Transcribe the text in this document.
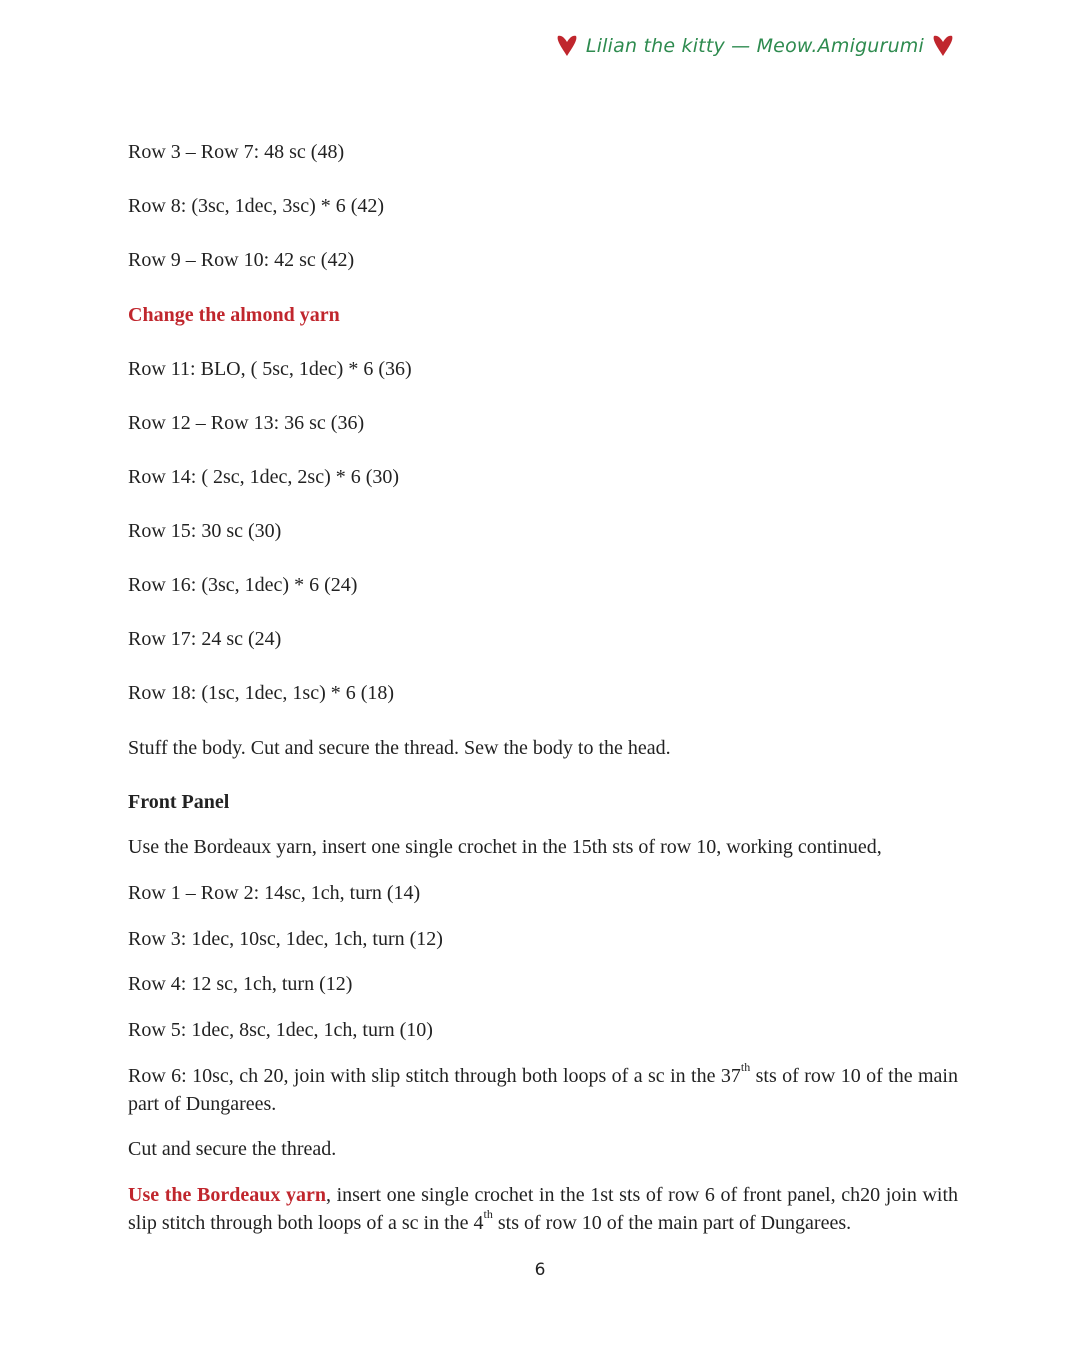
Lilian the kitty — Meow.Amigurumi
Row 3 – Row 7: 48 sc (48)
Row 8: (3sc, 1dec, 3sc) * 6 (42)
Row 9 – Row 10: 42 sc (42)
Change the almond yarn
Row 11: BLO, ( 5sc, 1dec) * 6 (36)
Row 12 – Row 13: 36 sc (36)
Row 14: ( 2sc, 1dec, 2sc) * 6 (30)
Row 15: 30 sc (30)
Row 16: (3sc, 1dec) * 6 (24)
Row 17: 24 sc (24)
Row 18: (1sc, 1dec, 1sc) * 6 (18)
Stuff the body. Cut and secure the thread. Sew the body to the head.
Front Panel
Use the Bordeaux yarn, insert one single crochet in the 15th sts of row 10, working continued,
Row 1 – Row 2: 14sc, 1ch, turn (14)
Row 3: 1dec, 10sc, 1dec, 1ch, turn (12)
Row 4: 12 sc, 1ch, turn (12)
Row 5: 1dec, 8sc, 1dec, 1ch, turn (10)
Row 6: 10sc, ch 20, join with slip stitch through both loops of a sc in the 37th sts of row 10 of the main part of Dungarees.
Cut and secure the thread.
Use the Bordeaux yarn, insert one single crochet in the 1st sts of row 6 of front panel, ch20 join with slip stitch through both loops of a sc in the 4th sts of row 10 of the main part of Dungarees.
6
